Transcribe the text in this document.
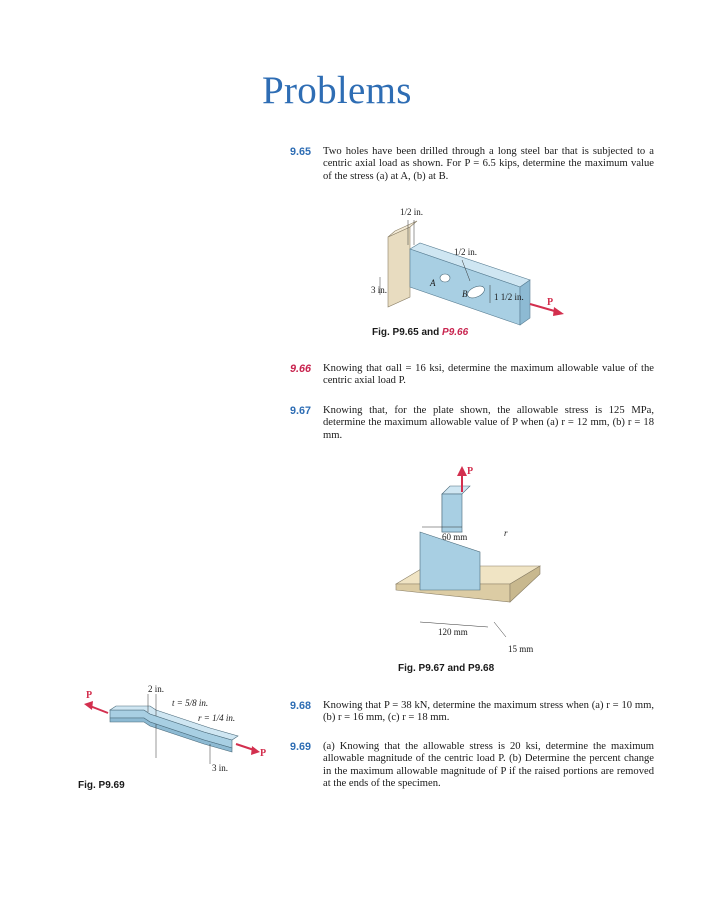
Problems
9.65 Two holes have been drilled through a long steel bar that is subjected to a centric axial load as shown. For P = 6.5 kips, determine the maximum value of the stress (a) at A, (b) at B.
1/2 in.
1/2 in.
3 in.
A
B	1 1/2 in. P
Fig. P9.65 and P9.66
9.66 Knowing that σall = 16 ksi, determine the maximum allowable value of the centric axial load P.
9.67 Knowing that, for the plate shown, the allowable stress is 125 MPa, determine the maximum allowable value of P when (a) r = 12 mm, (b) r = 18 mm.
P
60 mm	r
120 mm
15 mm
Fig. P9.67 and P9.68
P
P
2 in.
t = 5/8 in.
r = 1/4 in.
3 in.
Fig. P9.69
9.68 Knowing that P = 38 kN, determine the maximum stress when (a) r = 10 mm, (b) r = 16 mm, (c) r = 18 mm.
9.69 (a) Knowing that the allowable stress is 20 ksi, determine the maximum allowable magnitude of the centric load P. (b) Determine the percent change in the maximum allowable magnitude of P if the raised portions are removed at the ends of the specimen.
